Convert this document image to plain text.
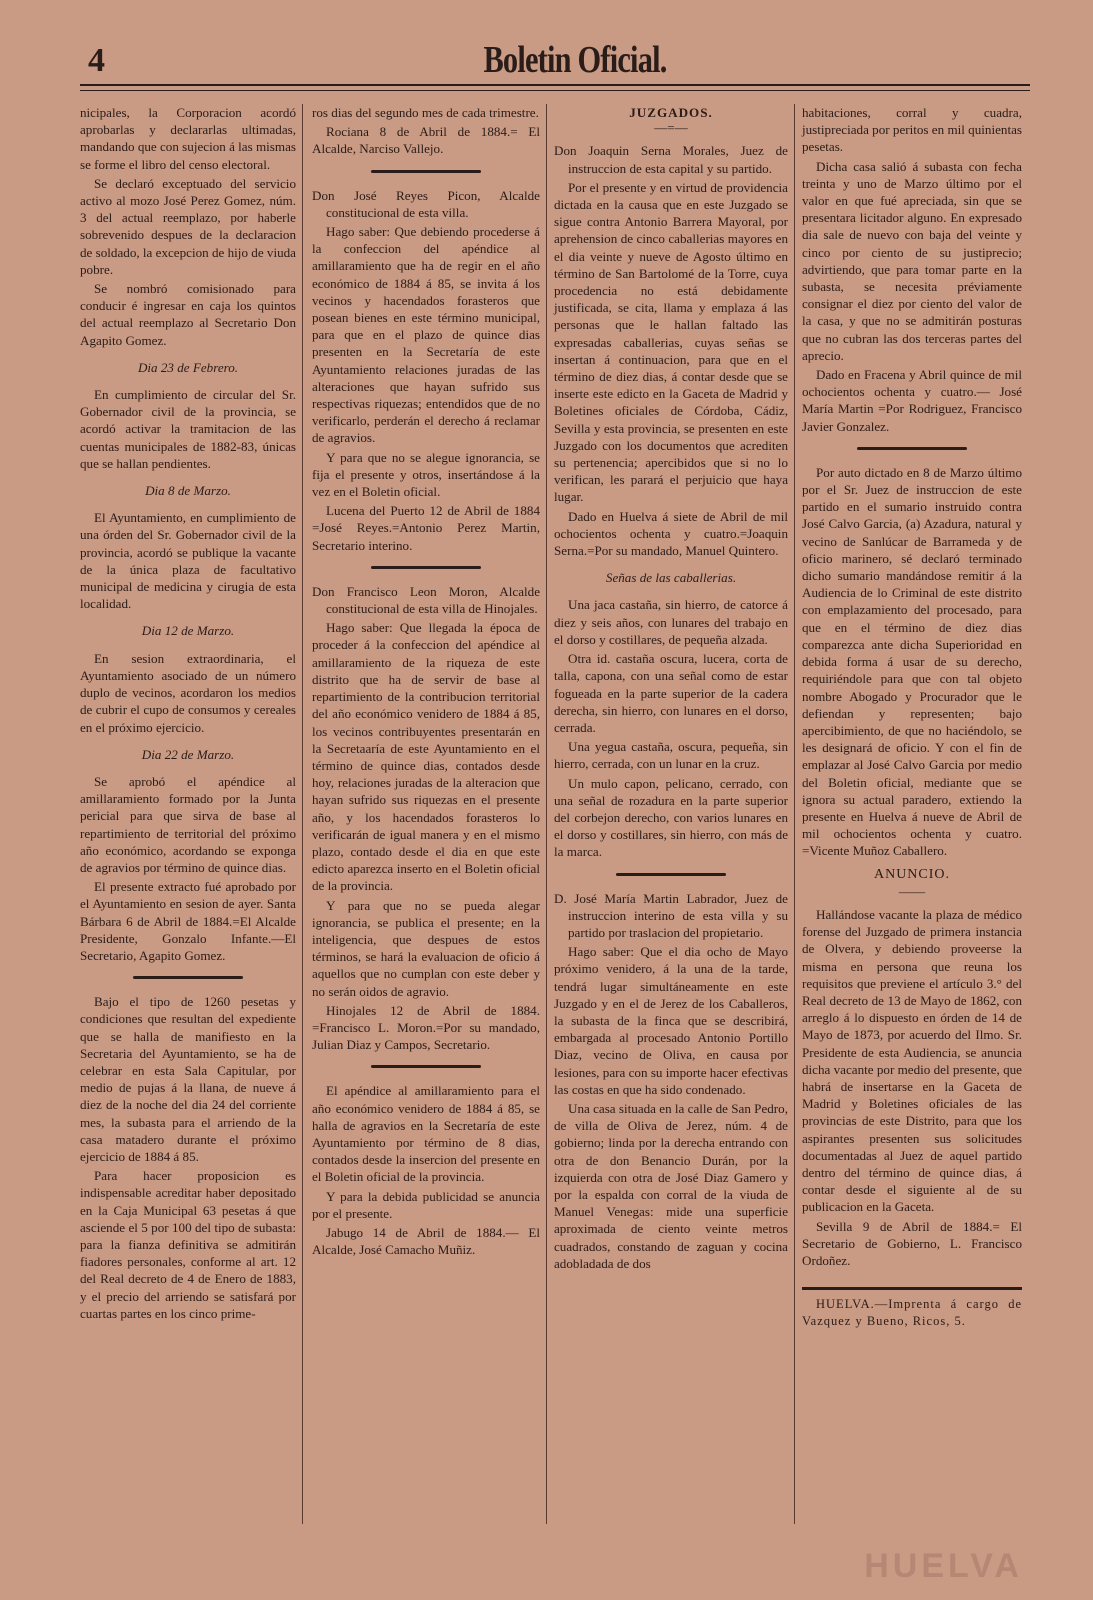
4	Boletin Oficial.

nicipales, la Corporacion acordó aprobarlas y declararlas ultimadas, mandando que con sujecion á las mismas se forme el libro del censo electoral.

Se declaró exceptuado del servicio activo al mozo José Perez Gomez, núm. 3 del actual reemplazo, por haberle sobrevenido despues de la declaracion de soldado, la excepcion de hijo de viuda pobre.

Se nombró comisionado para conducir é ingresar en caja los quintos del actual reemplazo al Secretario Don Agapito Gomez.

Dia 23 de Febrero.

En cumplimiento de circular del Sr. Gobernador civil de la provincia, se acordó activar la tramitacion de las cuentas municipales de 1882-83, únicas que se hallan pendientes.

Dia 8 de Marzo.

El Ayuntamiento, en cumplimiento de una órden del Sr. Gobernador civil de la provincia, acordó se publique la vacante de la única plaza de facultativo municipal de medicina y cirugia de esta localidad.

Dia 12 de Marzo.

En sesion extraordinaria, el Ayuntamiento asociado de un número duplo de vecinos, acordaron los medios de cubrir el cupo de consumos y cereales en el próximo ejercicio.

Dia 22 de Marzo.

Se aprobó el apéndice al amillaramiento formado por la Junta pericial para que sirva de base al repartimiento de territorial del próximo año económico, acordando se exponga de agravios por término de quince dias.

El presente extracto fué aprobado por el Ayuntamiento en sesion de ayer. Santa Bárbara 6 de Abril de 1884.=El Alcalde Presidente, Gonzalo Infante.—El Secretario, Agapito Gomez.

Bajo el tipo de 1260 pesetas y condiciones que resultan del expediente que se halla de manifiesto en la Secretaria del Ayuntamiento, se ha de celebrar en esta Sala Capitular, por medio de pujas á la llana, de nueve á diez de la noche del dia 24 del corriente mes, la subasta para el arriendo de la casa matadero durante el próximo ejercicio de 1884 á 85.

Para hacer proposicion es indispensable acreditar haber depositado en la Caja Municipal 63 pesetas á que asciende el 5 por 100 del tipo de subasta: para la fianza definitiva se admitirán fiadores personales, conforme al art. 12 del Real decreto de 4 de Enero de 1883, y el precio del arriendo se satisfará por cuartas partes en los cinco prime-

ros dias del segundo mes de cada trimestre.

Rociana 8 de Abril de 1884.= El Alcalde, Narciso Vallejo.

Don José Reyes Picon, Alcalde constitucional de esta villa.

Hago saber: Que debiendo procederse á la confeccion del apéndice al amillaramiento que ha de regir en el año económico de 1884 á 85, se invita á los vecinos y hacendados forasteros que posean bienes en este término municipal, para que en el plazo de quince dias presenten en la Secretaría de este Ayuntamiento relaciones juradas de las alteraciones que hayan sufrido sus respectivas riquezas; entendidos que de no verificarlo, perderán el derecho á reclamar de agravios.

Y para que no se alegue ignorancia, se fija el presente y otros, insertándose á la vez en el Boletin oficial.

Lucena del Puerto 12 de Abril de 1884 =José Reyes.=Antonio Perez Martin, Secretario interino.

Don Francisco Leon Moron, Alcalde constitucional de esta villa de Hinojales.

Hago saber: Que llegada la época de proceder á la confeccion del apéndice al amillaramiento de la riqueza de este distrito que ha de servir de base al repartimiento de la contribucion territorial del año económico venidero de 1884 á 85, los vecinos contribuyentes presentarán en la Secretaaría de este Ayuntamiento en el término de quince dias, contados desde hoy, relaciones juradas de la alteracion que hayan sufrido sus riquezas en el presente año, y los hacendados forasteros lo verificarán de igual manera y en el mismo plazo, contado desde el dia en que este edicto aparezca inserto en el Boletin oficial de la provincia.

Y para que no se pueda alegar ignorancia, se publica el presente; en la inteligencia, que despues de estos términos, se hará la evaluacion de oficio á aquellos que no cumplan con este deber y no serán oidos de agravio.

Hinojales 12 de Abril de 1884. =Francisco L. Moron.=Por su mandado, Julian Diaz y Campos, Secretario.

El apéndice al amillaramiento para el año económico venidero de 1884 á 85, se halla de agravios en la Secretaría de este Ayuntamiento por término de 8 dias, contados desde la insercion del presente en el Boletin oficial de la provincia.

Y para la debida publicidad se anuncia por el presente.

Jabugo 14 de Abril de 1884.— El Alcalde, José Camacho Muñiz.

JUZGADOS.

—=—

Don Joaquin Serna Morales, Juez de instruccion de esta capital y su partido.

Por el presente y en virtud de providencia dictada en la causa que en este Juzgado se sigue contra Antonio Barrera Mayoral, por aprehension de cinco caballerias mayores en el dia veinte y nueve de Agosto último en término de San Bartolomé de la Torre, cuya procedencia no está debidamente justificada, se cita, llama y emplaza á las personas que le hallan faltado las expresadas caballerias, cuyas señas se insertan á continuacion, para que en el término de diez dias, á contar desde que se inserte este edicto en la Gaceta de Madrid y Boletines oficiales de Córdoba, Cádiz, Sevilla y esta provincia, se presenten en este Juzgado con los documentos que acrediten su pertenencia; apercibidos que si no lo verifican, les parará el perjuicio que haya lugar.

Dado en Huelva á siete de Abril de mil ochocientos ochenta y cuatro.=Joaquin Serna.=Por su mandado, Manuel Quintero.

Señas de las caballerias.

Una jaca castaña, sin hierro, de catorce á diez y seis años, con lunares del trabajo en el dorso y costillares, de pequeña alzada.

Otra id. castaña oscura, lucera, corta de talla, capona, con una señal como de estar fogueada en la parte superior de la cadera derecha, sin hierro, con lunares en el dorso, cerrada.

Una yegua castaña, oscura, pequeña, sin hierro, cerrada, con un lunar en la cruz.

Un mulo capon, pelicano, cerrado, con una señal de rozadura en la parte superior del corbejon derecho, con varios lunares en el dorso y costillares, sin hierro, con más de la marca.

D. José María Martin Labrador, Juez de instruccion interino de esta villa y su partido por traslacion del propietario.

Hago saber: Que el dia ocho de Mayo próximo venidero, á la una de la tarde, tendrá lugar simultáneamente en este Juzgado y en el de Jerez de los Caballeros, la subasta de la finca que se describirá, embargada al procesado Antonio Portillo Diaz, vecino de Oliva, en causa por lesiones, para con su importe hacer efectivas las costas en que ha sido condenado.

Una casa situada en la calle de San Pedro, de villa de Oliva de Jerez, núm. 4 de gobierno; linda por la derecha entrando con otra de don Benancio Durán, por la izquierda con otra de José Diaz Gamero y por la espalda con corral de la viuda de Manuel Venegas: mide una superficie aproximada de ciento veinte metros cuadrados, constando de zaguan y cocina adobladada de dos

habitaciones, corral y cuadra, justipreciada por peritos en mil quinientas pesetas.

Dicha casa salió á subasta con fecha treinta y uno de Marzo último por el valor en que fué apreciada, sin que se presentara licitador alguno. En expresado dia sale de nuevo con baja del veinte y cinco por ciento de su justiprecio; advirtiendo, que para tomar parte en la subasta, se necesita préviamente consignar el diez por ciento del valor de la casa, y que no se admitirán posturas que no cubran las dos terceras partes del aprecio.

Dado en Fracena y Abril quince de mil ochocientos ochenta y cuatro.— José María Martin =Por Rodriguez, Francisco Javier Gonzalez.

Por auto dictado en 8 de Marzo último por el Sr. Juez de instruccion de este partido en el sumario instruido contra José Calvo Garcia, (a) Azadura, natural y vecino de Sanlúcar de Barrameda y de oficio marinero, sé declaró terminado dicho sumario mandándose remitir á la Audiencia de lo Criminal de este distrito con emplazamiento del procesado, para que en el término de diez dias comparezca ante dicha Superioridad en debida forma á usar de su derecho, requiriéndole para que con tal objeto nombre Abogado y Procurador que le defiendan y representen; bajo apercibimiento, de que no haciéndolo, se les designará de oficio. Y con el fin de emplazar al José Calvo Garcia por medio del Boletin oficial, mediante que se ignora su actual paradero, extiendo la presente en Huelva á nueve de Abril de mil ochocientos ochenta y cuatro. =Vicente Muñoz Caballero.

ANUNCIO.

——

Hallándose vacante la plaza de médico forense del Juzgado de primera instancia de Olvera, y debiendo proveerse la misma en persona que reuna los requisitos que previene el artículo 3.° del Real decreto de 13 de Mayo de 1862, con arreglo á lo dispuesto en órden de 14 de Mayo de 1873, por acuerdo del Ilmo. Sr. Presidente de esta Audiencia, se anuncia dicha vacante por medio del presente, que habrá de insertarse en la Gaceta de Madrid y Boletines oficiales de las provincias de este Distrito, para que los aspirantes presenten sus solicitudes documentadas al Juez de aquel partido dentro del término de quince dias, á contar desde el siguiente al de su publicacion en la Gaceta.

Sevilla 9 de Abril de 1884.= El Secretario de Gobierno, L. Francisco Ordoñez.

HUELVA.—Imprenta á cargo de Vazquez y Bueno, Ricos, 5.

HUELVA
